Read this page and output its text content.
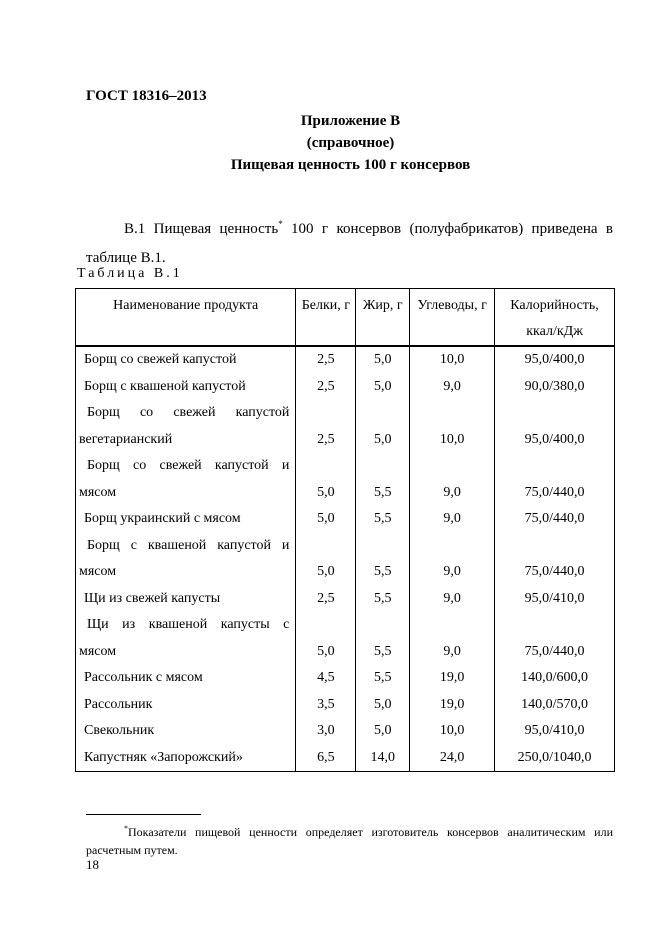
ГОСТ 18316–2013
Приложение В
(справочное)
Пищевая ценность 100 г консервов
В.1 Пищевая ценность* 100 г консервов (полуфабрикатов) приведена в таблице В.1.
Таблица В.1
Наименование продукта	Белки, г	Жир, г	Углеводы, г	Калорийность, ккал/кДж
Борщ со свежей капустой	2,5	5,0	10,0	95,0/400,0
Борщ с квашеной капустой	2,5	5,0	9,0	90,0/380,0
Борщ со свежей капустой вегетарианский	2,5	5,0	10,0	95,0/400,0
Борщ со свежей капустой и мясом	5,0	5,5	9,0	75,0/440,0
Борщ украинский с мясом	5,0	5,5	9,0	75,0/440,0
Борщ с квашеной капустой и мясом	5,0	5,5	9,0	75,0/440,0
Щи из свежей капусты	2,5	5,5	9,0	95,0/410,0
Щи из квашеной капусты с мясом	5,0	5,5	9,0	75,0/440,0
Рассольник с мясом	4,5	5,5	19,0	140,0/600,0
Рассольник	3,5	5,0	19,0	140,0/570,0
Свекольник	3,0	5,0	10,0	95,0/410,0
Капустняк «Запорожский»	6,5	14,0	24,0	250,0/1040,0
*Показатели пищевой ценности определяет изготовитель консервов аналитическим или расчетным путем.
18
